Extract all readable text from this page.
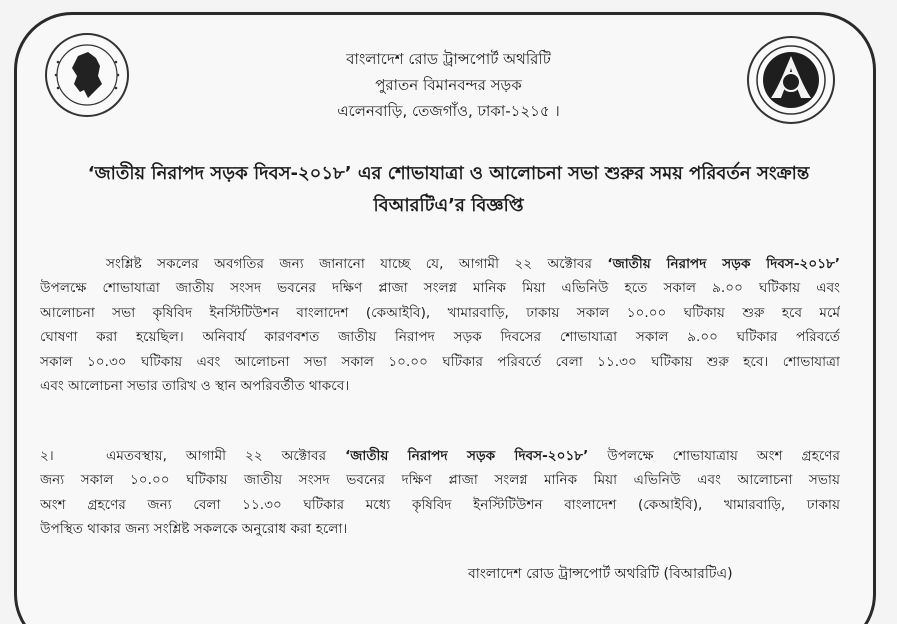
বাংলাদেশ রোড ট্রান্সপোর্ট অথরিটি
পুরাতন বিমানবন্দর সড়ক
এলেনবাড়ি, তেজগাঁও, ঢাকা-১২১৫ ।
‘জাতীয় নিরাপদ সড়ক দিবস-২০১৮’ এর শোভাযাত্রা ও আলোচনা সভা শুরুর সময় পরিবর্তন সংক্রান্ত
বিআরটিএ’র বিজ্ঞপ্তি
সংশ্লিষ্ট সকলের অবগতির জন্য জানানো যাচ্ছে যে, আগামী ২২ অক্টোবর ‘জাতীয় নিরাপদ সড়ক দিবস-২০১৮’
উপলক্ষে শোভাযাত্রা জাতীয় সংসদ ভবনের দক্ষিণ প্লাজা সংলগ্ন মানিক মিয়া এভিনিউ হতে সকাল ৯.০০ ঘটিকায় এবং
আলোচনা সভা কৃষিবিদ ইনস্টিটিউশন বাংলাদেশ (কেআইবি), খামারবাড়ি, ঢাকায় সকাল ১০.০০ ঘটিকায় শুরু হবে মর্মে
ঘোষণা করা হয়েছিল। অনিবার্য কারণবশত জাতীয় নিরাপদ সড়ক দিবসের শোভাযাত্রা সকাল ৯.০০ ঘটিকার পরিবর্তে
সকাল ১০.৩০ ঘটিকায় এবং আলোচনা সভা সকাল ১০.০০ ঘটিকার পরিবর্তে বেলা ১১.৩০ ঘটিকায় শুরু হবে। শোভাযাত্রা
এবং আলোচনা সভার তারিখ ও স্থান অপরিবর্তীত থাকবে।
২।	এমতবস্থায়, আগামী ২২ অক্টোবর ‘জাতীয় নিরাপদ সড়ক দিবস-২০১৮’ উপলক্ষে শোভাযাত্রায় অংশ গ্রহণের
জন্য সকাল ১০.০০ ঘটিকায় জাতীয় সংসদ ভবনের দক্ষিণ প্লাজা সংলগ্ন মানিক মিয়া এভিনিউ এবং আলোচনা সভায়
অংশ গ্রহণের জন্য বেলা ১১.৩০ ঘটিকার মধ্যে কৃষিবিদ ইনস্টিটিউশন বাংলাদেশ (কেআইবি), খামারবাড়ি, ঢাকায়
উপস্থিত থাকার জন্য সংশ্লিষ্ট সকলকে অনুরোধ করা হলো।
বাংলাদেশ রোড ট্রান্সপোর্ট অথরিটি (বিআরটিএ)
